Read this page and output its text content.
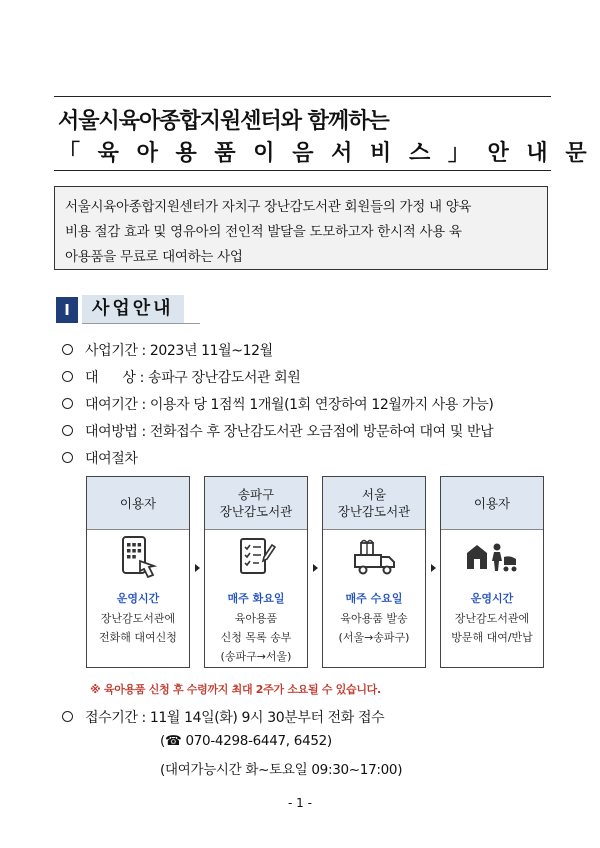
서울시육아종합지원센터와 함께하는
「 육 아 용 품 이 음 서 비 스 」 안 내 문
서울시육아종합지원센터가 자치구 장난감도서관 회원들의 가정 내 양육
비용 절감 효과 및 영유아의 전인적 발달을 도모하고자 한시적 사용 육
아용품을 무료로 대여하는 사업
Ⅰ	사업안내
사업기간 : 2023년 11월~12월
대      상 : 송파구 장난감도서관 회원
대여기간 : 이용자 당 1점씩 1개월(1회 연장하여 12월까지 사용 가능)
대여방법 : 전화접수 후 장난감도서관 오금점에 방문하여 대여 및 반납
대여절차
이용자
운영시간
장난감도서관에
전화해 대여신청
송파구
장난감도서관
매주 화요일
육아용품
신청 목록 송부
(송파구→서울)
서울
장난감도서관
매주 수요일
육아용품 발송
(서울→송파구)
이용자
운영시간
장난감도서관에
방문해 대여/반납
※ 육아용품 신청 후 수령까지 최대 2주가 소요될 수 있습니다.
접수기간 : 11월 14일(화) 9시 30분부터 전화 접수
(☎ 070-4298-6447, 6452)
(대여가능시간 화~토요일 09:30~17:00)
- 1 -
